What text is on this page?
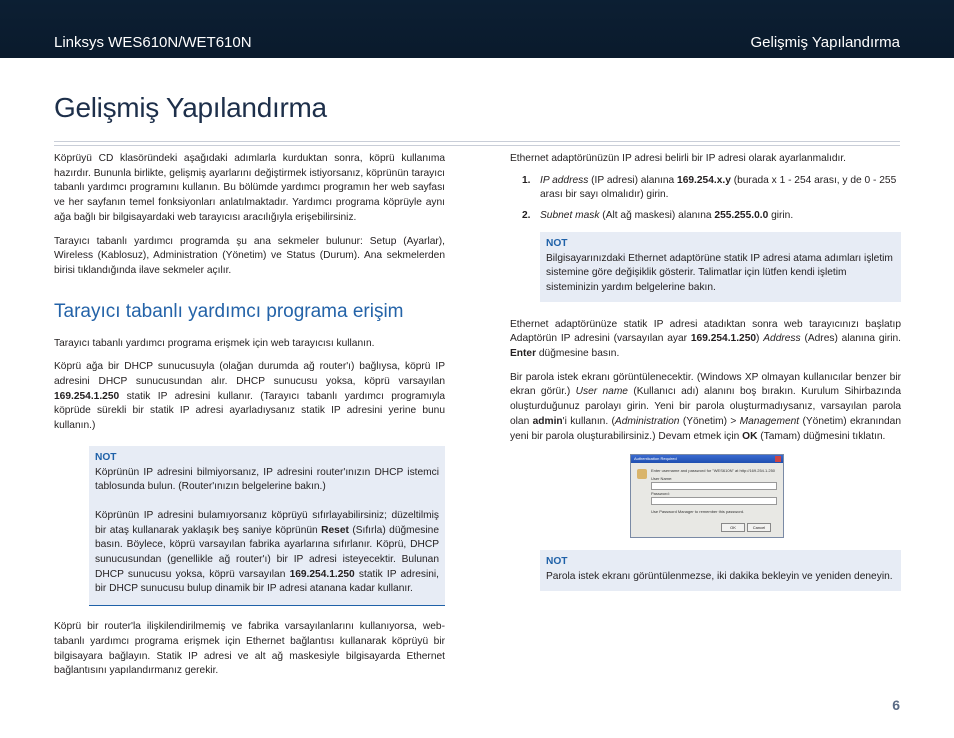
Linksys WES610N/WET610N	Gelişmiş Yapılandırma
Gelişmiş Yapılandırma

Köprüyü CD klasöründeki aşağıdaki adımlarla kurduktan sonra, köprü kullanıma hazırdır. Bununla birlikte, gelişmiş ayarlarını değiştirmek istiyorsanız, köprünün tarayıcı tabanlı yardımcı programını kullanın. Bu bölümde yardımcı programın her web sayfası ve her sayfanın temel fonksiyonları anlatılmaktadır. Yardımcı programa köprüyle aynı ağa bağlı bir bilgisayardaki web tarayıcısı aracılığıyla erişebilirsiniz.

Tarayıcı tabanlı yardımcı programda şu ana sekmeler bulunur: Setup (Ayarlar), Wireless (Kablosuz), Administration (Yönetim) ve Status (Durum). Ana sekmelerden birisi tıklandığında ilave sekmeler açılır.

Tarayıcı tabanlı yardımcı programa erişim

Tarayıcı tabanlı yardımcı programa erişmek için web tarayıcısı kullanın.

Köprü ağa bir DHCP sunucusuyla (olağan durumda ağ router'ı) bağlıysa, köprü IP adresini DHCP sunucusundan alır. DHCP sunucusu yoksa, köprü varsayılan 169.254.1.250 statik IP adresini kullanır. (Tarayıcı tabanlı yardımcı programıyla köprüde sürekli bir statik IP adresi ayarladıysanız statik IP adresini yerine bunu kullanın.)

NOT

Köprünün IP adresini bilmiyorsanız, IP adresini router'ınızın DHCP istemci tablosunda bulun. (Router'ınızın belgelerine bakın.)

Köprünün IP adresini bulamıyorsanız köprüyü sıfırlayabilirsiniz; düzeltilmiş bir ataş kullanarak yaklaşık beş saniye köprünün Reset (Sıfırla) düğmesine basın. Böylece, köprü varsayılan fabrika ayarlarına sıfırlanır. Köprü, DHCP sunucusundan (genellikle ağ router'ı) bir IP adresi isteyecektir. Bulunan DHCP sunucusu yoksa, köprü varsayılan 169.254.1.250 statik IP adresini, bir DHCP sunucusu bulup dinamik bir IP adresi atanana kadar kullanır.

Köprü bir router'la ilişkilendirilmemiş ve fabrika varsayılanlarını kullanıyorsa, web-tabanlı yardımcı programa erişmek için Ethernet bağlantısı kullanarak köprüyü bir bilgisayara bağlayın. Statik IP adresi ve alt ağ maskesiyle bilgisayarda Ethernet bağlantısını yapılandırmanız gerekir.

Ethernet adaptörünüzün IP adresi belirli bir IP adresi olarak ayarlanmalıdır.

1. IP address (IP adresi) alanına 169.254.x.y (burada x 1 - 254 arası, y de 0 - 255 arası bir sayı olmalıdır) girin.
2. Subnet mask (Alt ağ maskesi) alanına 255.255.0.0 girin.

NOT

Bilgisayarınızdaki Ethernet adaptörüne statik IP adresi atama adımları işletim sistemine göre değişiklik gösterir. Talimatlar için lütfen kendi işletim sisteminizin yardım belgelerine bakın.

Ethernet adaptörünüze statik IP adresi atadıktan sonra web tarayıcınızı başlatıp Adaptörün IP adresini (varsayılan ayar 169.254.1.250) Address (Adres) alanına girin. Enter düğmesine basın.

Bir parola istek ekranı görüntülenecektir. (Windows XP olmayan kullanıcılar benzer bir ekran görür.) User name (Kullanıcı adı) alanını boş bırakın. Kurulum Sihirbazında oluşturduğunuz parolayı girin. Yeni bir parola oluşturmadıysanız, varsayılan parola olan admin'i kullanın. (Administration (Yönetim) > Management (Yönetim) ekranından yeni bir parola oluşturabilirsiniz.) Devam etmek için OK (Tamam) düğmesini tıklatın.

Authentication Required
Enter username and password for "WES610N" at http://169.254.1.250
User Name:
Password:
Use Password Manager to remember this password.
OK	Cancel

NOT

Parola istek ekranı görüntülenmezse, iki dakika bekleyin ve yeniden deneyin.

6
